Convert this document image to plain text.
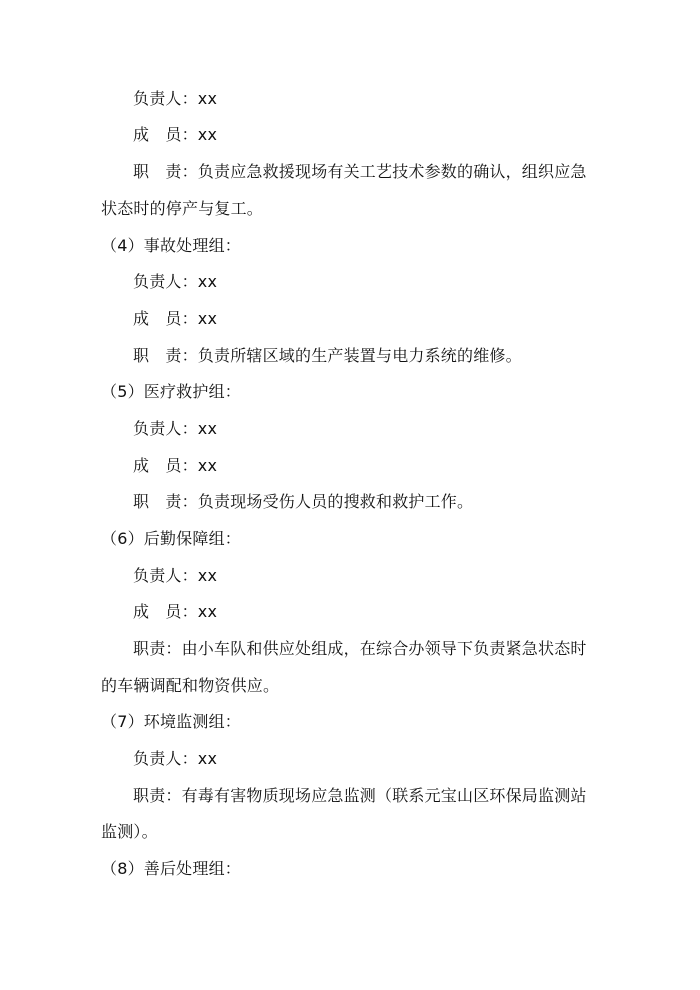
负责人：xx
成　员：xx
职　责：负责应急救援现场有关工艺技术参数的确认，组织应急
状态时的停产与复工。
（4）事故处理组：
负责人：xx
成　员：xx
职　责：负责所辖区域的生产装置与电力系统的维修。
（5）医疗救护组：
负责人：xx
成　员：xx
职　责：负责现场受伤人员的搜救和救护工作。
（6）后勤保障组：
负责人：xx
成　员：xx
职责：由小车队和供应处组成，在综合办领导下负责紧急状态时
的车辆调配和物资供应。
（7）环境监测组：
负责人：xx
职责：有毒有害物质现场应急监测（联系元宝山区环保局监测站
监测）。
（8）善后处理组：
